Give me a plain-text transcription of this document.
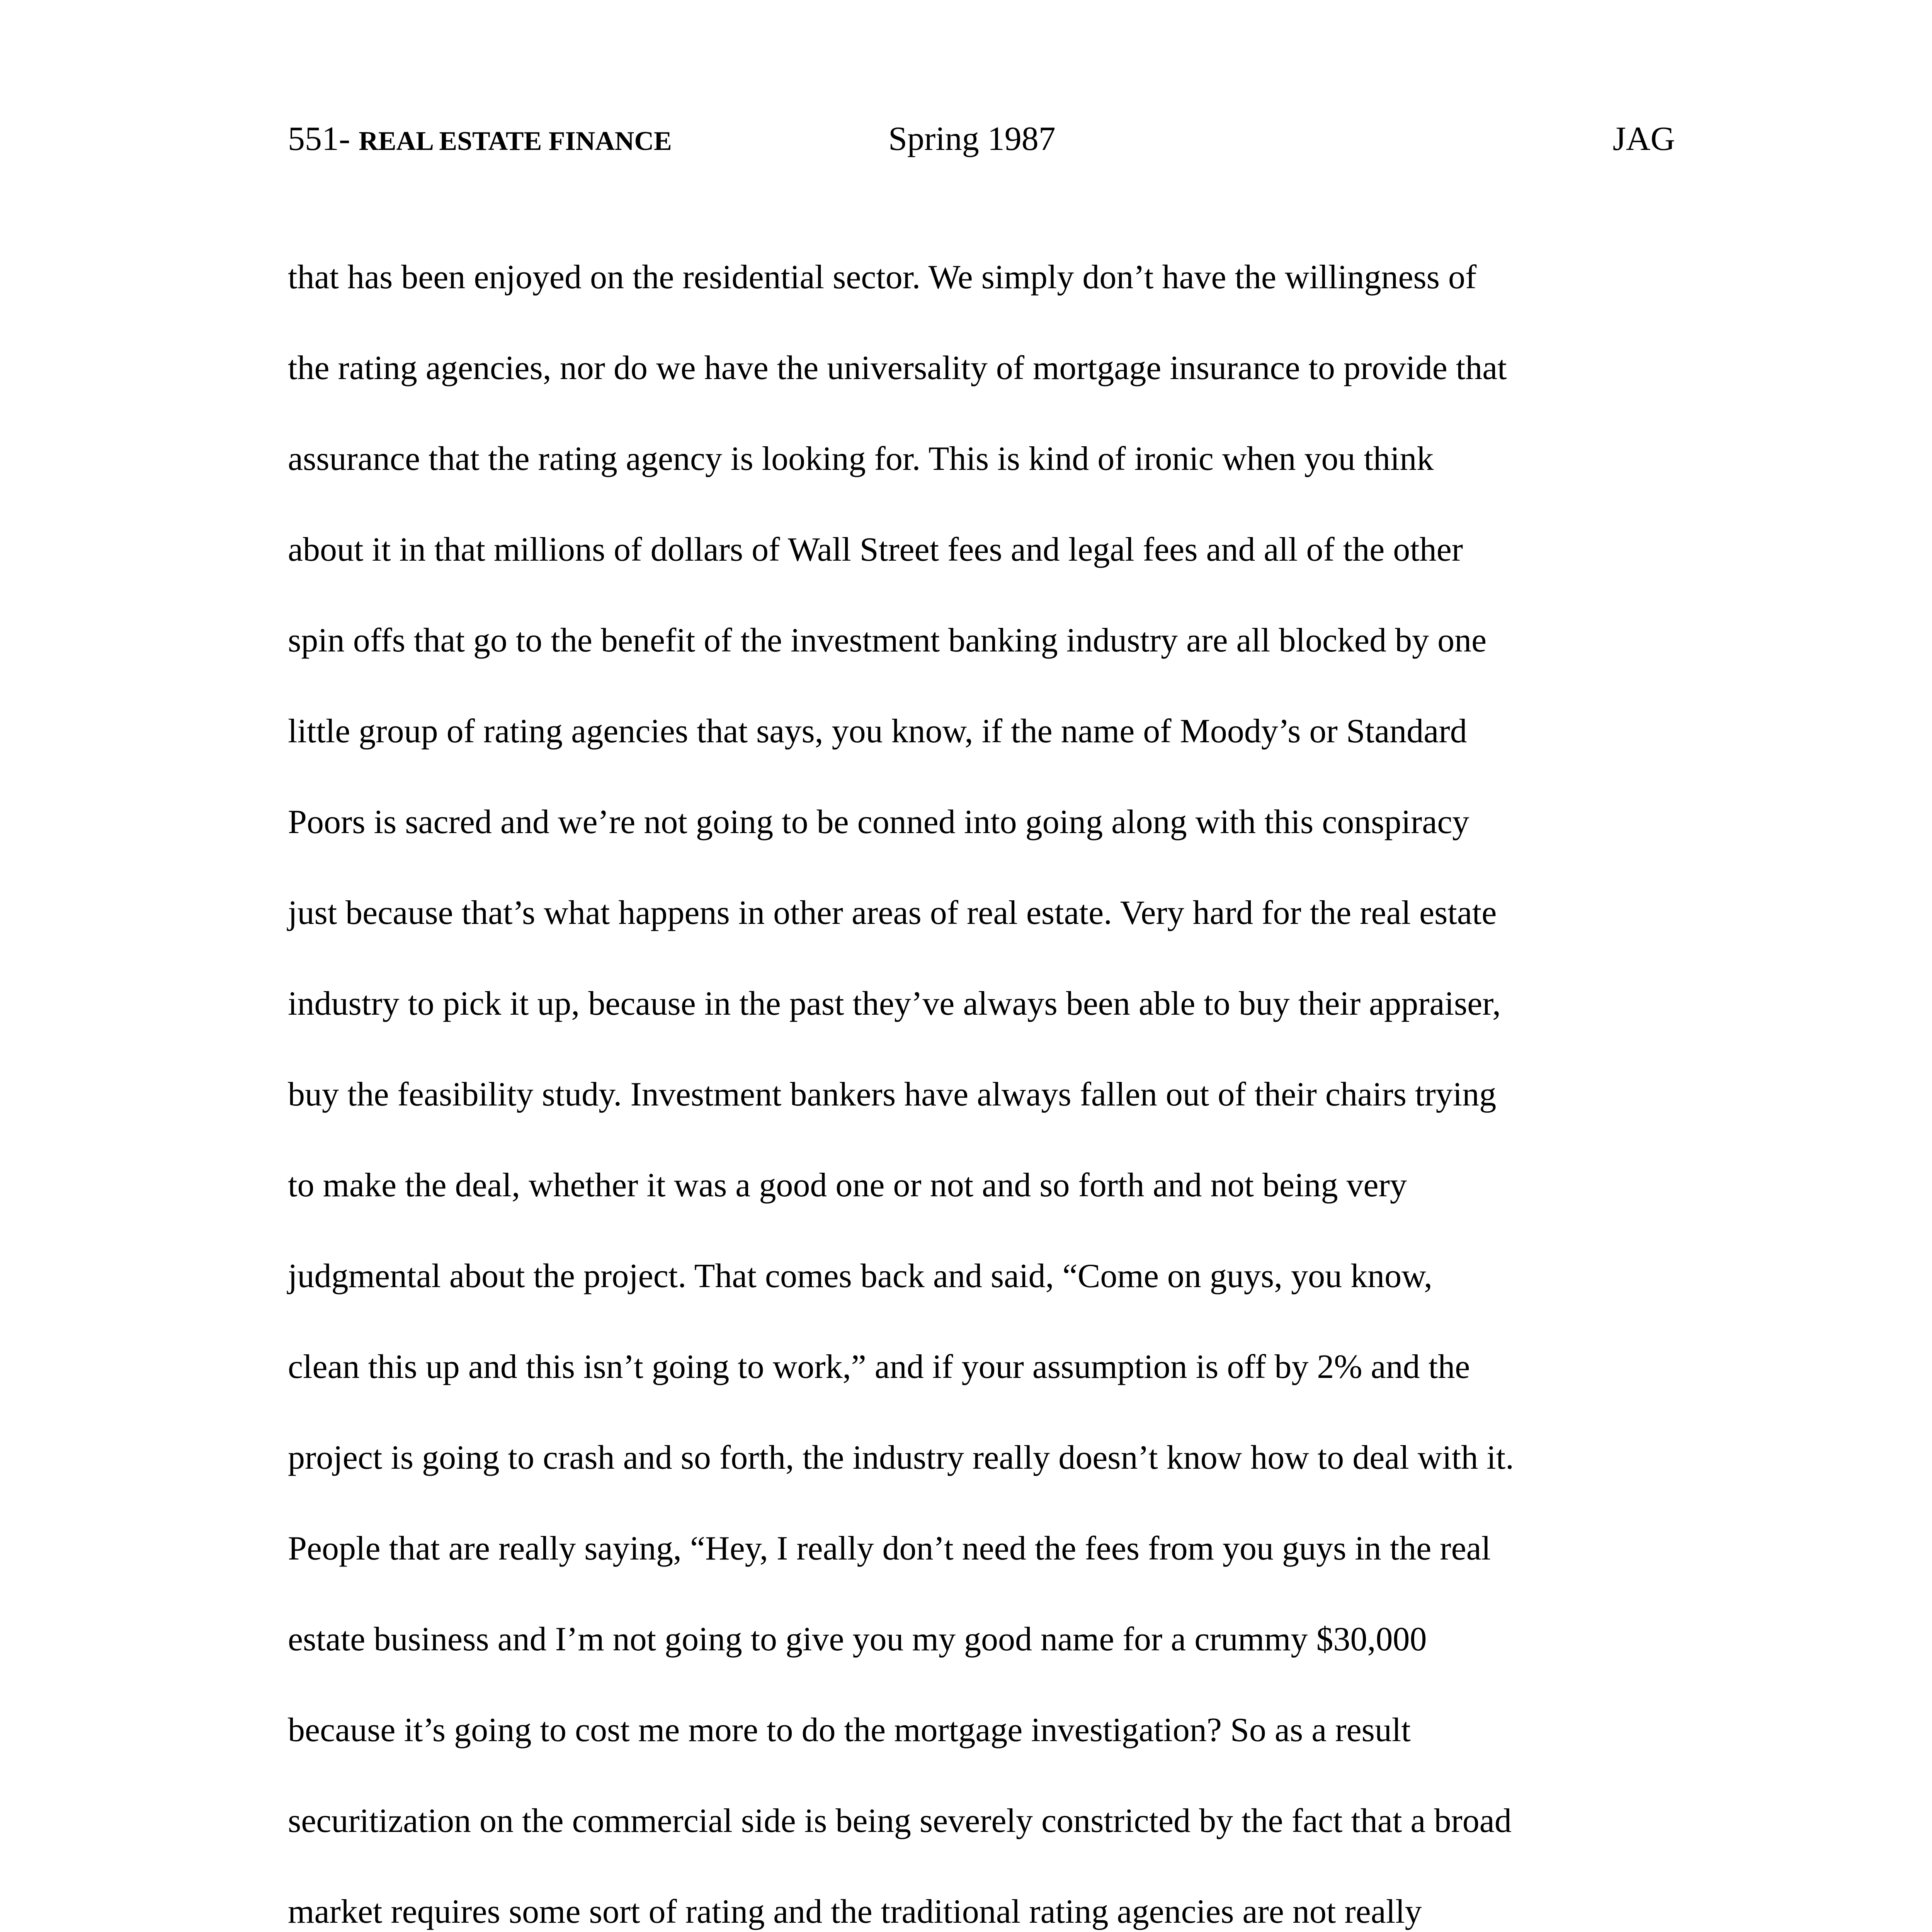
551- REAL ESTATE FINANCE	Spring 1987	JAG
that has been enjoyed on the residential sector. We simply don’t have the willingness of
the rating agencies, nor do we have the universality of mortgage insurance to provide that
assurance that the rating agency is looking for. This is kind of ironic when you think
about it in that millions of dollars of Wall Street fees and legal fees and all of the other
spin offs that go to the benefit of the investment banking industry are all blocked by one
little group of rating agencies that says, you know, if the name of Moody’s or Standard
Poors is sacred and we’re not going to be conned into going along with this conspiracy
just because that’s what happens in other areas of real estate. Very hard for the real estate
industry to pick it up, because in the past they’ve always been able to buy their appraiser,
buy the feasibility study. Investment bankers have always fallen out of their chairs trying
to make the deal, whether it was a good one or not and so forth and not being very
judgmental about the project. That comes back and said, “Come on guys, you know,
clean this up and this isn’t going to work,” and if your assumption is off by 2% and the
project is going to crash and so forth, the industry really doesn’t know how to deal with it.
People that are really saying, “Hey, I really don’t need the fees from you guys in the real
estate business and I’m not going to give you my good name for a crummy $30,000
because it’s going to cost me more to do the mortgage investigation? So as a result
securitization on the commercial side is being severely constricted by the fact that a broad
market requires some sort of rating and the traditional rating agencies are not really
